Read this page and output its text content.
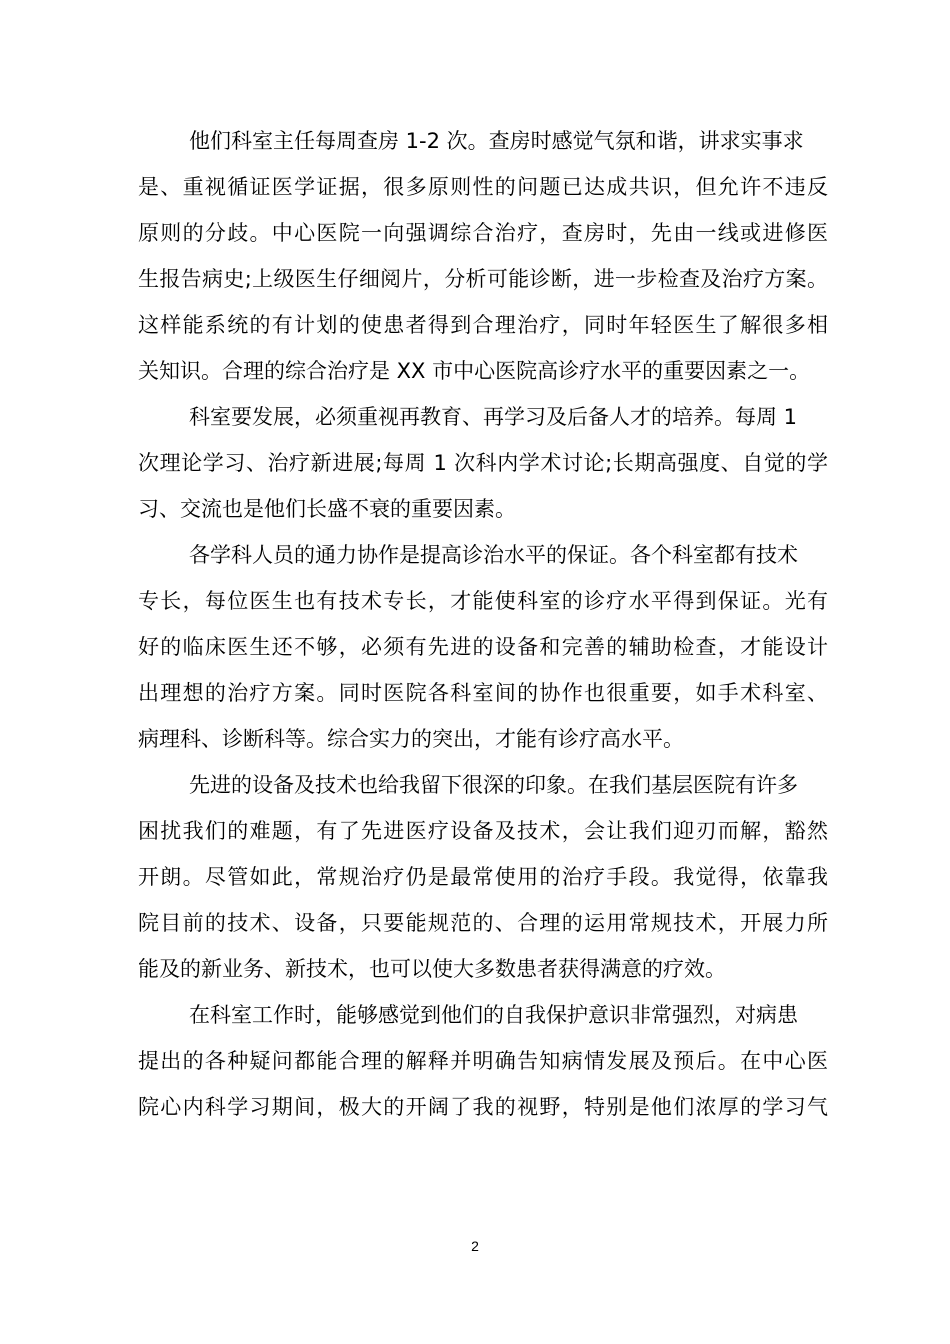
他们科室主任每周查房 1-2 次。查房时感觉气氛和谐，讲求实事求
是、重视循证医学证据，很多原则性的问题已达成共识，但允许不违反
原则的分歧。中心医院一向强调综合治疗，查房时，先由一线或进修医
生报告病史;上级医生仔细阅片，分析可能诊断，进一步检查及治疗方案。
这样能系统的有计划的使患者得到合理治疗，同时年轻医生了解很多相
关知识。合理的综合治疗是 XX 市中心医院高诊疗水平的重要因素之一。
科室要发展，必须重视再教育、再学习及后备人才的培养。每周 1
次理论学习、治疗新进展;每周 1 次科内学术讨论;长期高强度、自觉的学
习、交流也是他们长盛不衰的重要因素。
各学科人员的通力协作是提高诊治水平的保证。各个科室都有技术
专长，每位医生也有技术专长，才能使科室的诊疗水平得到保证。光有
好的临床医生还不够，必须有先进的设备和完善的辅助检查，才能设计
出理想的治疗方案。同时医院各科室间的协作也很重要，如手术科室、
病理科、诊断科等。综合实力的突出，才能有诊疗高水平。
先进的设备及技术也给我留下很深的印象。在我们基层医院有许多
困扰我们的难题，有了先进医疗设备及技术，会让我们迎刃而解，豁然
开朗。尽管如此，常规治疗仍是最常使用的治疗手段。我觉得，依靠我
院目前的技术、设备，只要能规范的、合理的运用常规技术，开展力所
能及的新业务、新技术，也可以使大多数患者获得满意的疗效。
在科室工作时，能够感觉到他们的自我保护意识非常强烈，对病患
提出的各种疑问都能合理的解释并明确告知病情发展及预后。在中心医
院心内科学习期间，极大的开阔了我的视野，特别是他们浓厚的学习气
2
